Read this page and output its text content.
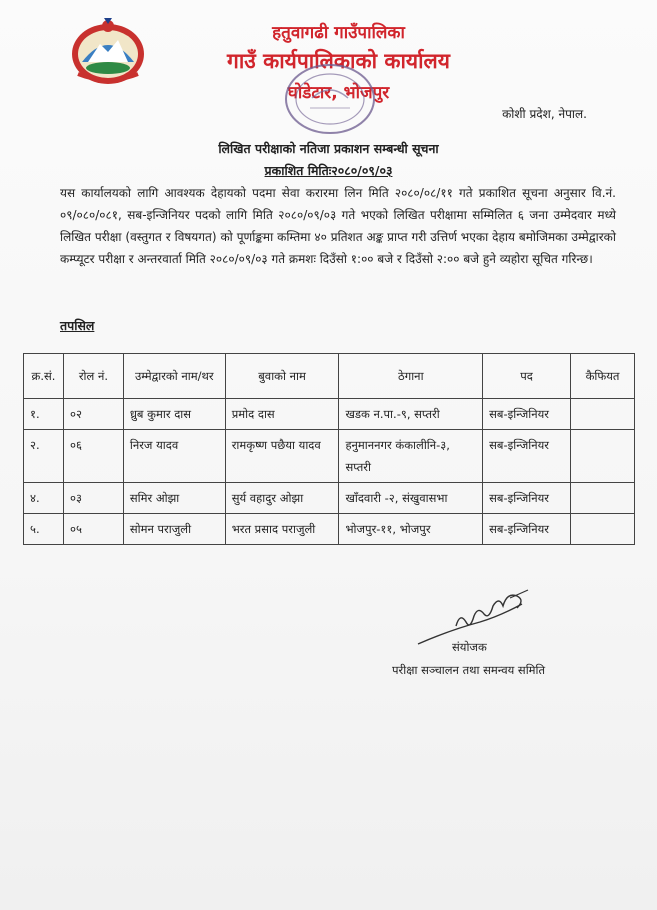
हतुवागढी गाउँपालिका
गाउँ कार्यपालिकाको कार्यालय
घोडेटार, भोजपुर
कोशी प्रदेश, नेपाल.
लिखित परीक्षाको नतिजा प्रकाशन सम्बन्धी सूचना
प्रकाशित मितिः२०८०/०९/०३
यस कार्यालयको लागि आवश्यक देहायको पदमा सेवा करारमा लिन मिति २०८०/०८/११ गते प्रकाशित सूचना अनुसार वि.नं. ०९/०८०/०८१, सब-इन्जिनियर पदको लागि मिति २०८०/०९/०३ गते भएको लिखित परीक्षामा सम्मिलित ६ जना उम्मेदवार मध्ये लिखित परीक्षा (वस्तुगत र विषयगत) को पूर्णाङ्कमा कम्तिमा ४० प्रतिशत अङ्क प्राप्त गरी उत्तिर्ण भएका देहाय बमोजिमका उम्मेद्वारको कम्प्यूटर परीक्षा र अन्तरवार्ता मिति २०८०/०९/०३ गते क्रमशः दिउँसो १:०० बजे र दिउँसो २:०० बजे हुने व्यहोरा सूचित गरिन्छ।
तपसिल
क्र.सं.	रोल नं.	उम्मेद्वारको नाम/थर	बुवाको नाम	ठेगाना	पद	कैफियत
१.	०२	ध्रुब कुमार दास	प्रमोद दास	खडक न.पा.-९, सप्तरी	सब-इन्जिनियर	
२.	०६	निरज यादव	रामकृष्ण पछैया यादव	हनुमाननगर कंकालीनि-३, सप्तरी	सब-इन्जिनियर	
४.	०३	समिर ओझा	सुर्य वहादुर ओझा	खाँदवारी -२, संखुवासभा	सब-इन्जिनियर	
५.	०५	सोमन पराजुली	भरत प्रसाद पराजुली	भोजपुर-११, भोजपुर	सब-इन्जिनियर	
संयोजक
परीक्षा सञ्चालन तथा समन्वय समिति
